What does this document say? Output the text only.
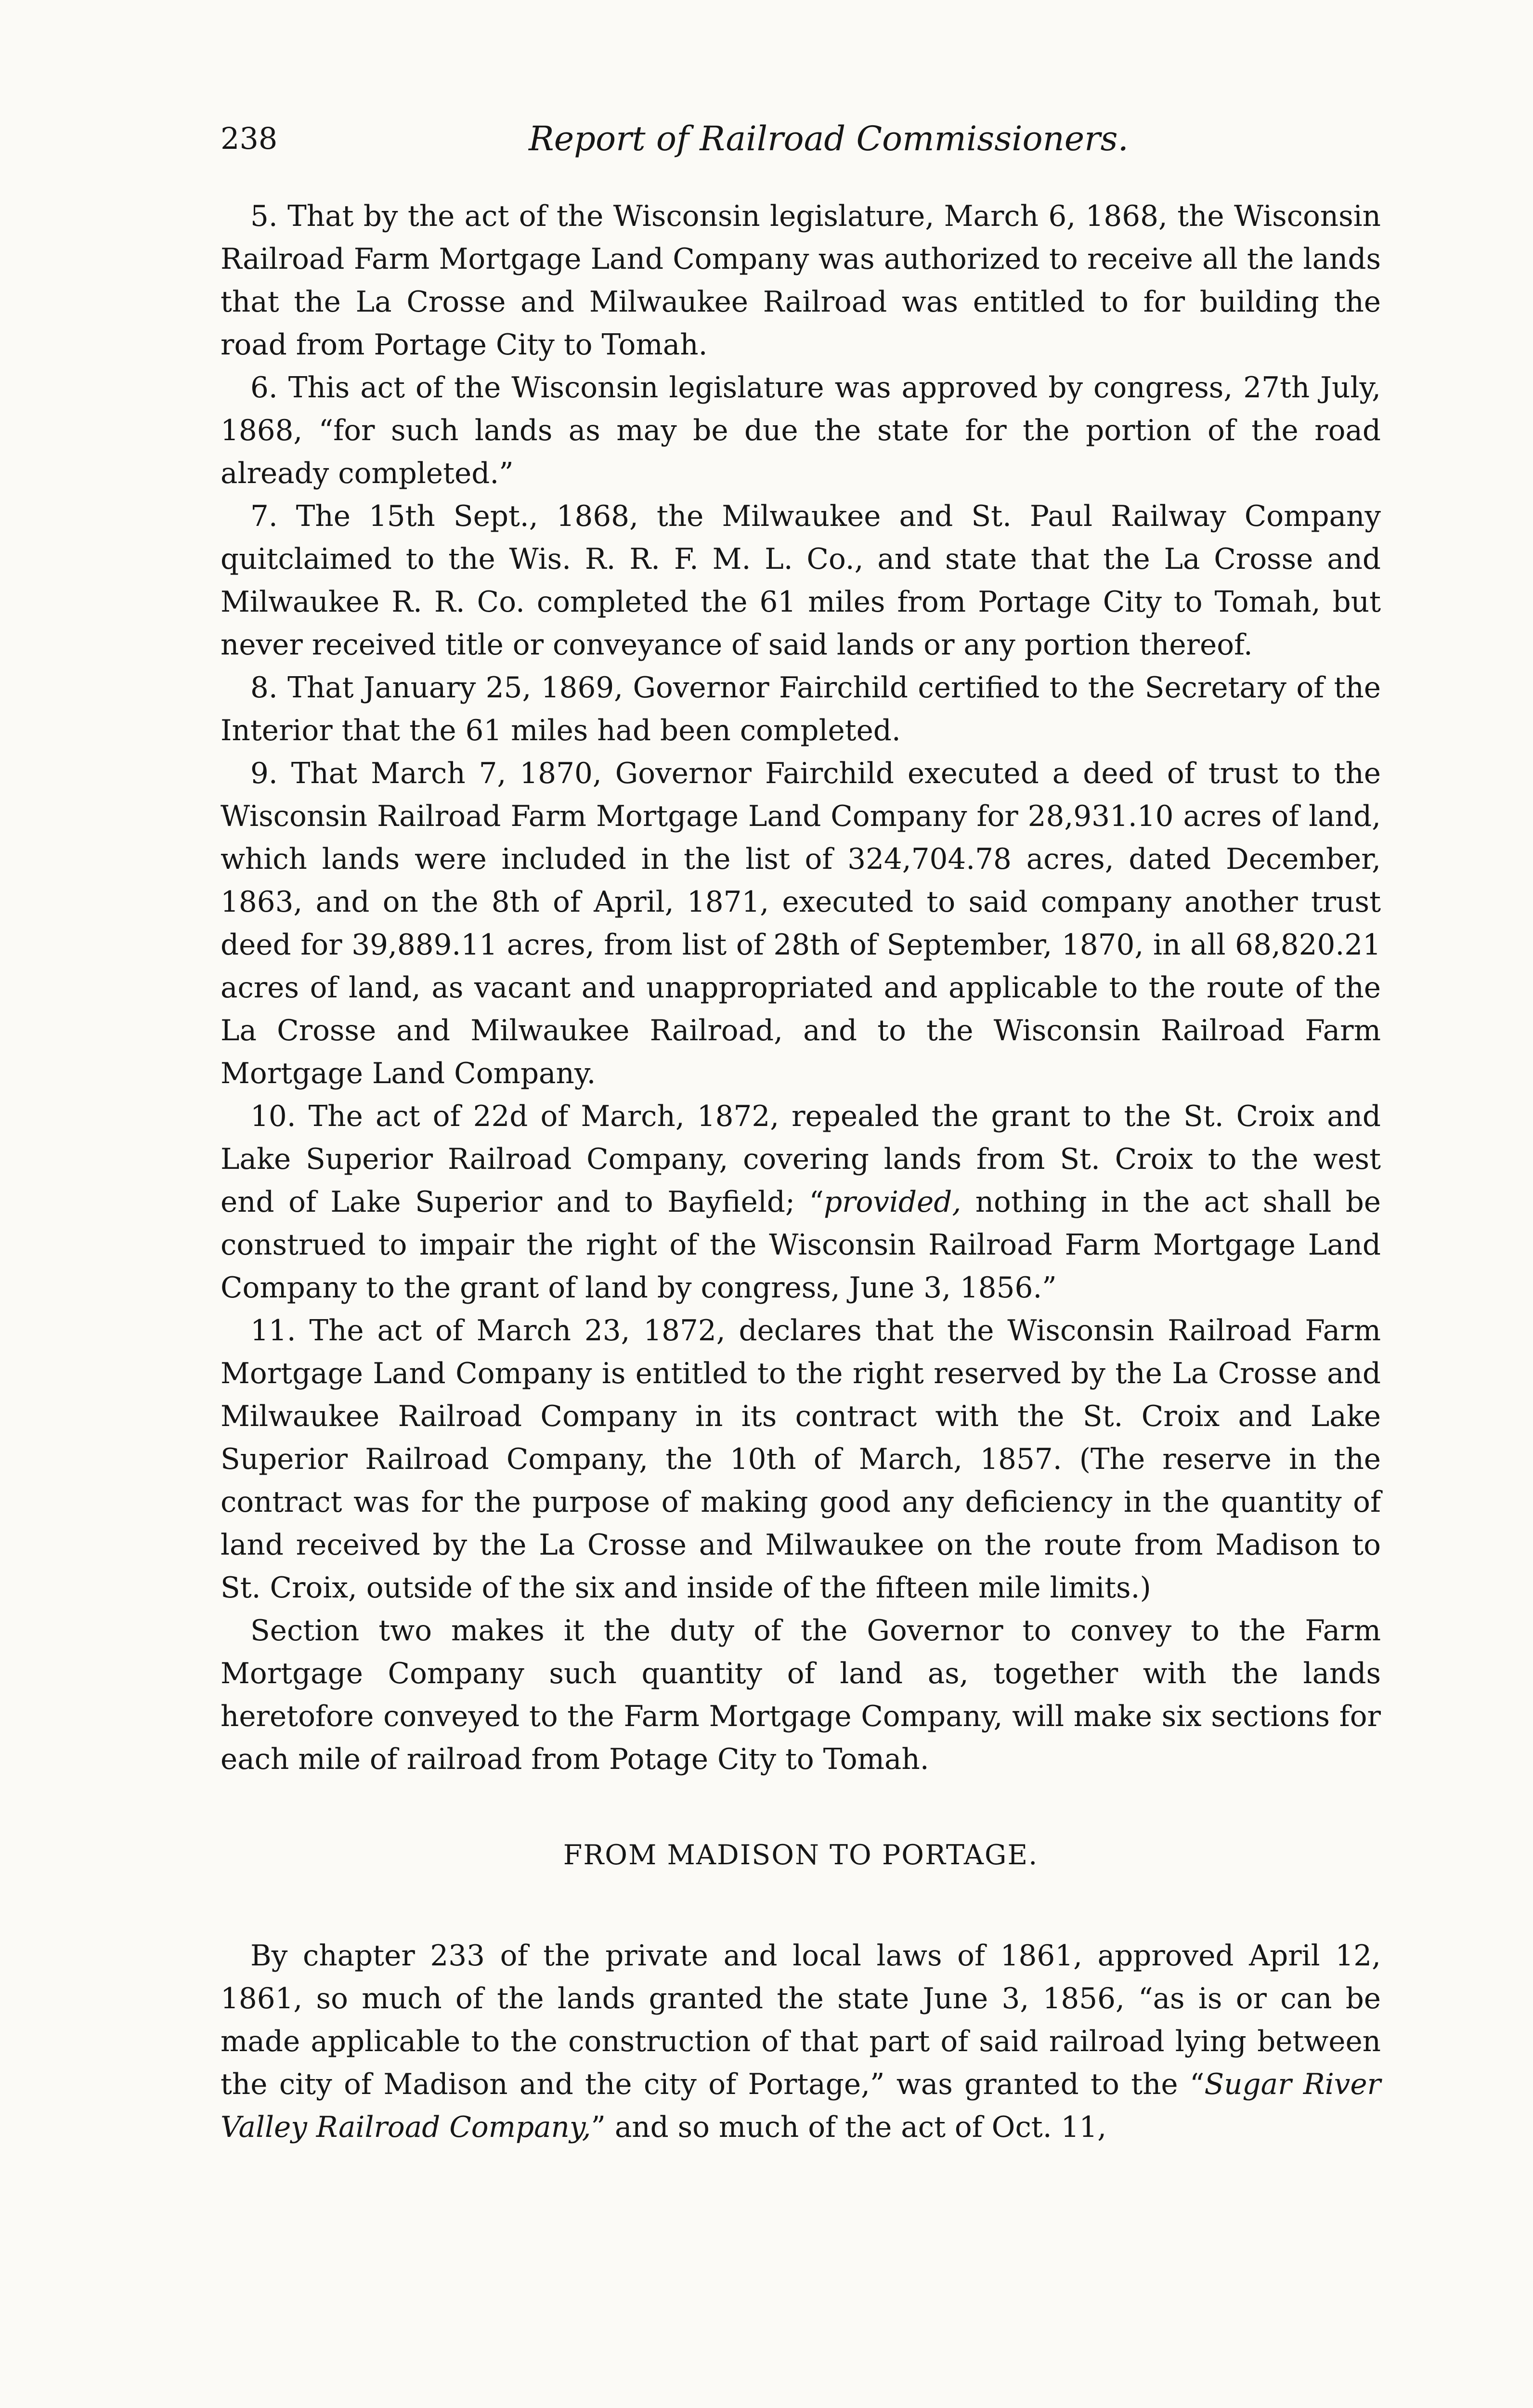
238	Report of Railroad Commissioners.

5. That by the act of the Wisconsin legislature, March 6, 1868, the Wisconsin Railroad Farm Mortgage Land Company was authorized to receive all the lands that the La Crosse and Milwaukee Railroad was entitled to for building the road from Portage City to Tomah.

6. This act of the Wisconsin legislature was approved by congress, 27th July, 1868, “for such lands as may be due the state for the portion of the road already completed.”

7. The 15th Sept., 1868, the Milwaukee and St. Paul Railway Company quitclaimed to the Wis. R. R. F. M. L. Co., and state that the La Crosse and Milwaukee R. R. Co. completed the 61 miles from Portage City to Tomah, but never received title or conveyance of said lands or any portion thereof.

8. That January 25, 1869, Governor Fairchild certified to the Secretary of the Interior that the 61 miles had been completed.

9. That March 7, 1870, Governor Fairchild executed a deed of trust to the Wisconsin Railroad Farm Mortgage Land Company for 28,931.10 acres of land, which lands were included in the list of 324,704.78 acres, dated December, 1863, and on the 8th of April, 1871, executed to said company another trust deed for 39,889.11 acres, from list of 28th of September, 1870, in all 68,820.21 acres of land, as vacant and unappropriated and applicable to the route of the La Crosse and Milwaukee Railroad, and to the Wisconsin Railroad Farm Mortgage Land Company.

10. The act of 22d of March, 1872, repealed the grant to the St. Croix and Lake Superior Railroad Company, covering lands from St. Croix to the west end of Lake Superior and to Bayfield; “provided, nothing in the act shall be construed to impair the right of the Wisconsin Railroad Farm Mortgage Land Company to the grant of land by congress, June 3, 1856.”

11. The act of March 23, 1872, declares that the Wisconsin Railroad Farm Mortgage Land Company is entitled to the right reserved by the La Crosse and Milwaukee Railroad Company in its contract with the St. Croix and Lake Superior Railroad Company, the 10th of March, 1857. (The reserve in the contract was for the purpose of making good any deficiency in the quantity of land received by the La Crosse and Milwaukee on the route from Madison to St. Croix, outside of the six and inside of the fifteen mile limits.)

Section two makes it the duty of the Governor to convey to the Farm Mortgage Company such quantity of land as, together with the lands heretofore conveyed to the Farm Mortgage Company, will make six sections for each mile of railroad from Potage City to Tomah.

FROM MADISON TO PORTAGE.

By chapter 233 of the private and local laws of 1861, approved April 12, 1861, so much of the lands granted the state June 3, 1856, “as is or can be made applicable to the construction of that part of said railroad lying between the city of Madison and the city of Portage,” was granted to the “Sugar River Valley Railroad Company,” and so much of the act of Oct. 11,
